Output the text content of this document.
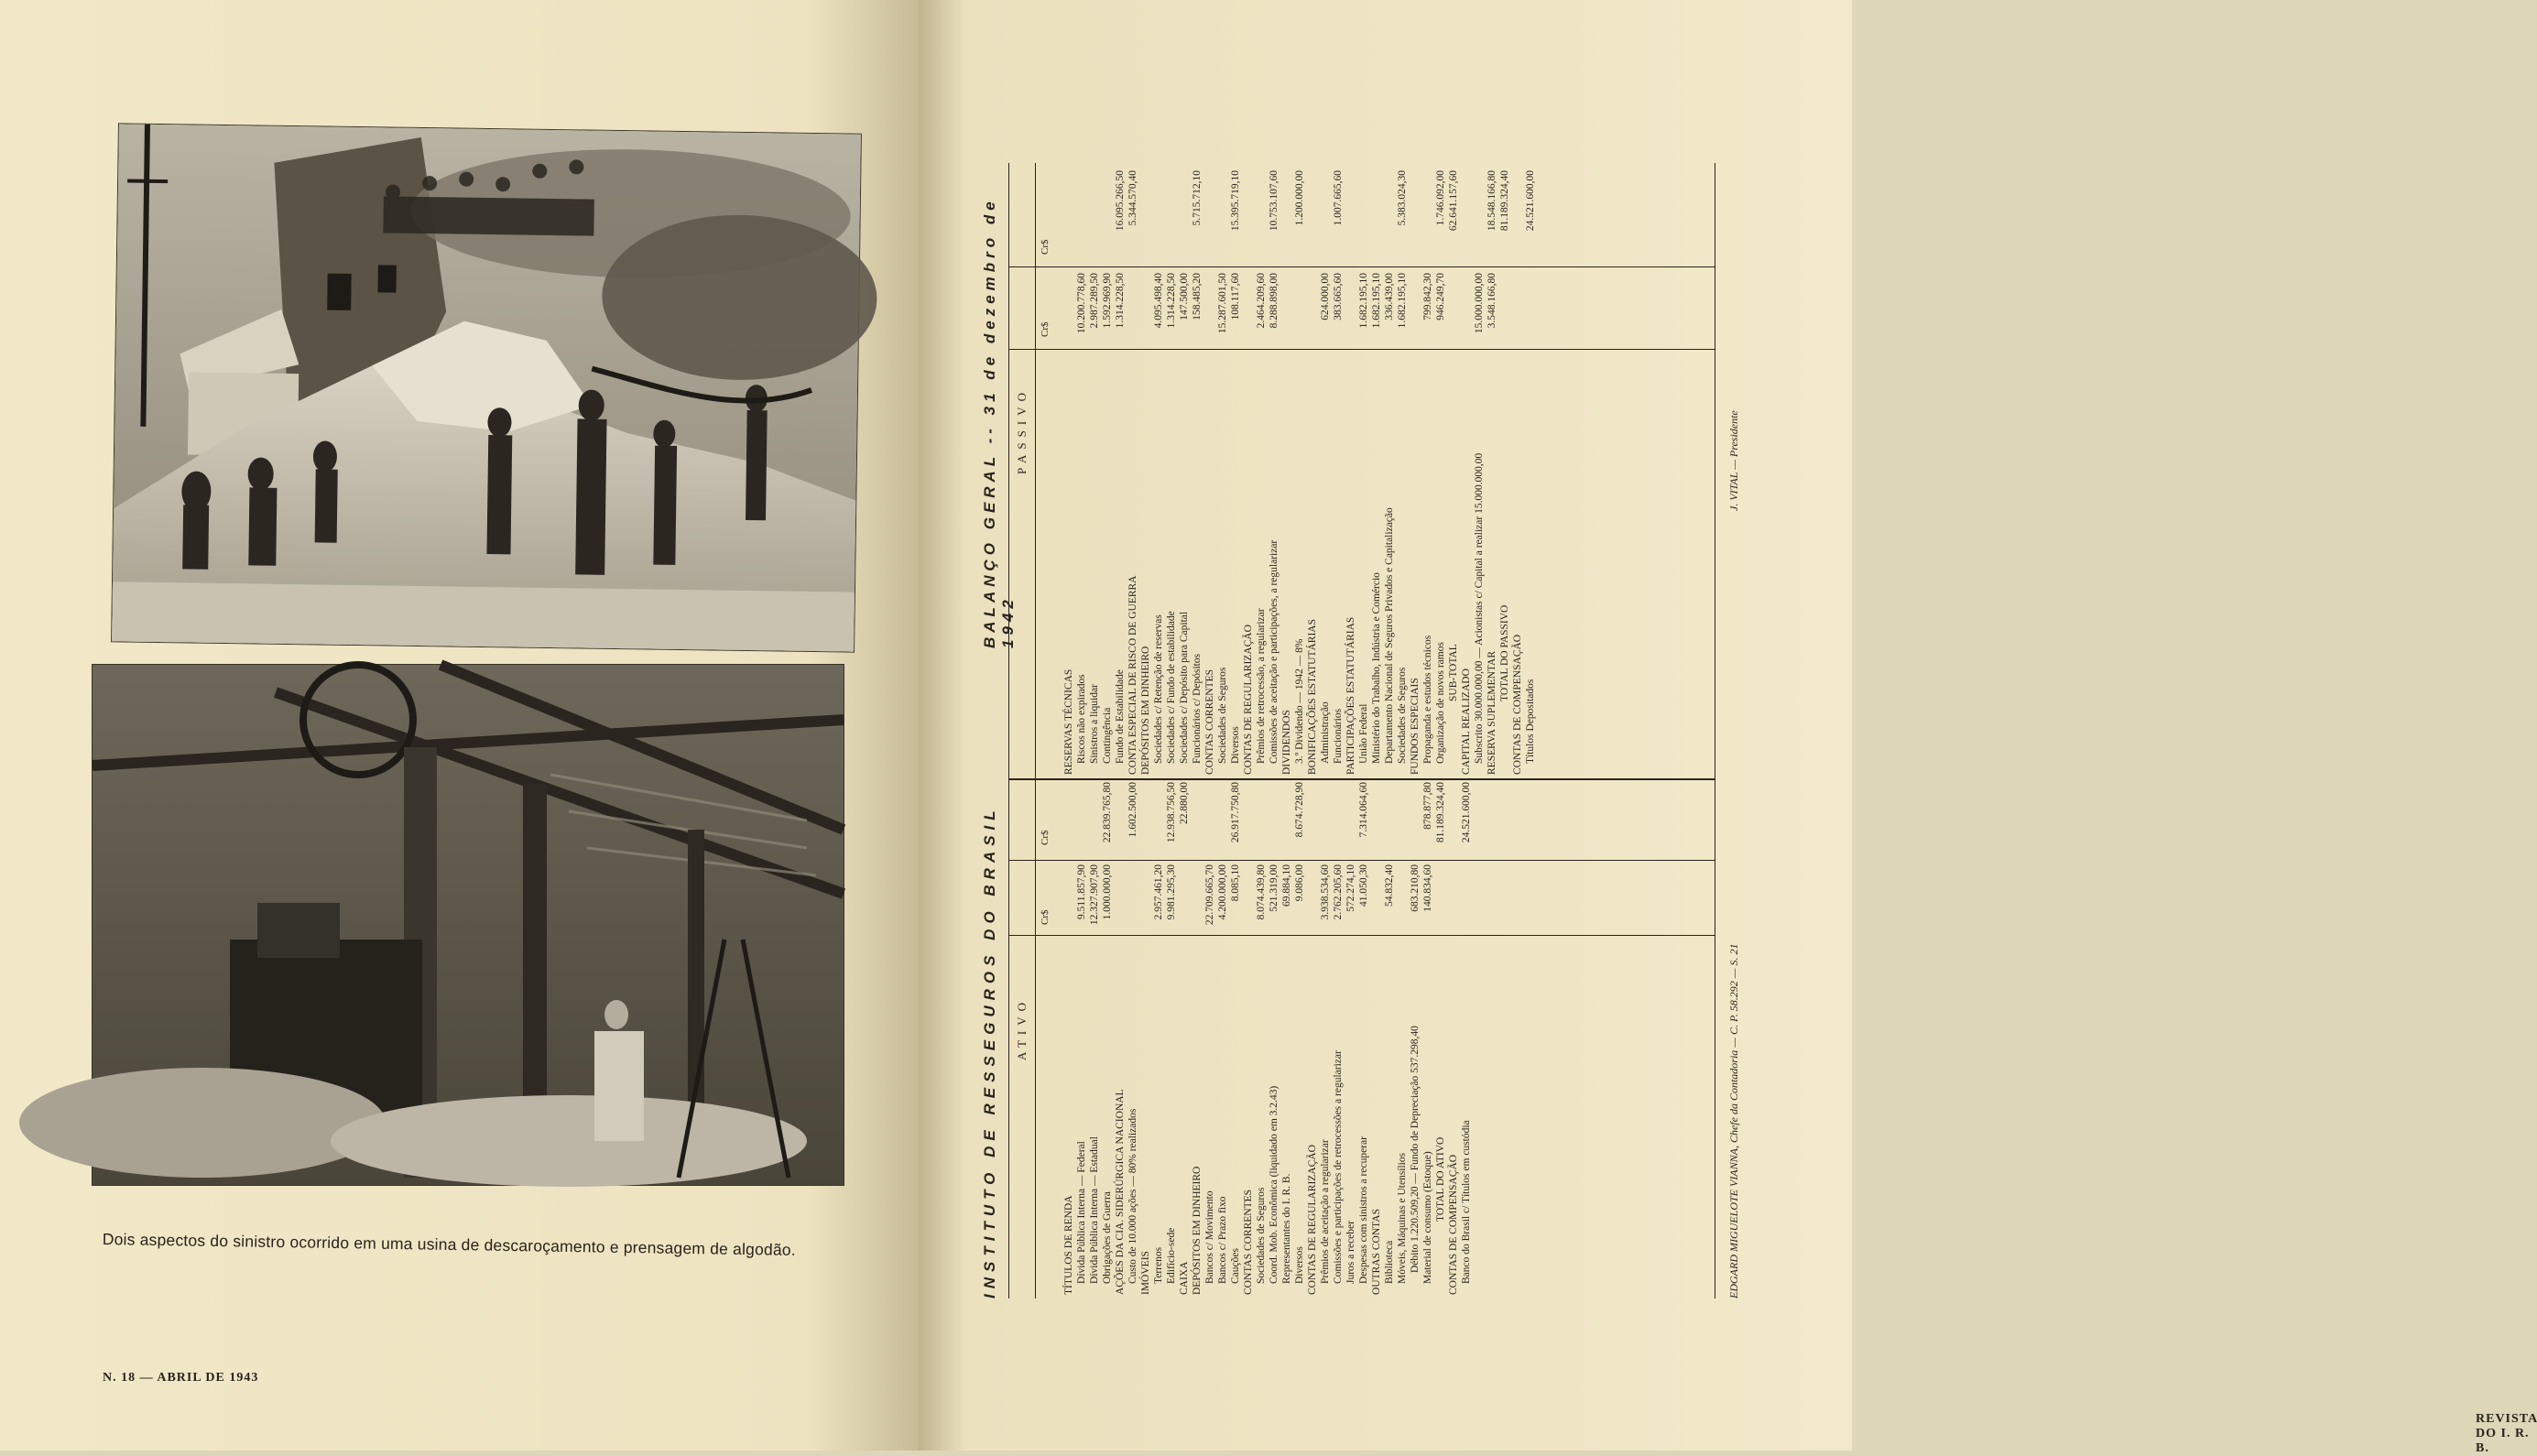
Dois aspectos do sinistro ocorrido em uma usina de descaroçamento e prensagem de algodão.
N. 18 — ABRIL DE 1943
REVISTA DO I. R. B.
INSTITUTO DE RESSEGUROS DO BRASIL
BALANÇO GERAL -- 31 de dezembro de 1942
ATIVO
PASSIVO
Cr$
Cr$
Cr$
Cr$
TÍTULOS DE RENDA Dívida Pública Interna — Federal
9.511.857,90
Dívida Pública Interna — Estadual
12.327.907,90
Obrigações de Guerra
1.000.000,00
22.839.765,80
AÇÕES DA CIA. SIDERÚRGICA NACIONAL Custo de 10.000 ações — 80% realizados
1.602.500,00
IMÓVEIS Terrenos
2.957.461,20
Edifício-sede
9.981.295,30
12.938.756,50
CAIXA
22.880,00
DEPÓSITOS EM DINHEIRO Bancos c/ Movimento
22.709.665,70
Bancos c/ Prazo fixo
4.200.000,00
Cauções
8.085,10
26.917.750,80
CONTAS CORRENTES Sociedades de Seguros
8.074.439,80
Coord. Mob. Econômica (liquidado em 3.2.43)
521.319,00
Representantes do I. R. B.
69.884,10
Diversos
9.086,00
8.674.728,90
CONTAS DE REGULARIZAÇÃO Prêmios de aceitação a regularizar
3.938.534,60
Comissões e participações de retrocessões a regularizar
2.762.205,60
Juros a receber
572.274,10
Despesas com sinistros a recuperar
41.050,30
7.314.064,60
OUTRAS CONTAS Biblioteca
54.832,40
Móveis, Máquinas e Utensílios Débito 1.220.509,20 — Fundo de Depreciação 537.298,40
683.210,80
Material de consumo (Estoque)
140.834,60
878.877,80
TOTAL DO ATIVO
81.189.324,40
CONTAS DE COMPENSAÇÃO Banco do Brasil c/ Títulos em custódia
24.521.600,00
RESERVAS TÉCNICAS Riscos não expirados
10.200.778,60
Sinistros a liquidar
2.987.289,50
Contingência
1.592.969,90
Fundo de Estabilidade
1.314.228,50
16.095.266,50
CONTA ESPECIAL DE RISCO DE GUERRA
5.344.570,40
DEPÓSITOS EM DINHEIRO Sociedades c/ Retenção de reservas
4.095.498,40
Sociedades c/ Fundo de estabilidade
1.314.228,50
Sociedades c/ Depósito para Capital
147.500,00
Funcionários c/ Depósitos
158.485,20
5.715.712,10
CONTAS CORRENTES Sociedades de Seguros
15.287.601,50
Diversos
108.117,60
15.395.719,10
CONTAS DE REGULARIZAÇÃO Prêmios de retrocessão, a regularizar
2.464.209,60
Comissões de aceitação e participações, a regularizar
8.288.898,00
10.753.107,60
DIVIDENDOS 3.º Dividendo — 1942 — 8%
1.200.000,00
BONIFICAÇÕES ESTATUTÁRIAS Administração
624.000,00
Funcionários
383.665,60
1.007.665,60
PARTICIPAÇÕES ESTATUTÁRIAS União Federal
1.682.195,10
Ministério do Trabalho, Indústria e Comércio
1.682.195,10
Departamento Nacional de Seguros Privados e Capitalização
336.439,00
Sociedades de Seguros
1.682.195,10
5.383.024,30
FUNDOS ESPECIAIS Propaganda e estudos técnicos
799.842,30
Organização de novos ramos
946.249,70
1.746.092,00
SUB-TOTAL
62.641.157,60
CAPITAL REALIZADO Subscrito 30.000.000,00 — Acionistas c/ Capital a realizar 15.000.000,00
15.000.000,00
RESERVA SUPLEMENTAR
3.548.166,80
18.548.166,80
TOTAL DO PASSIVO
81.189.324,40
CONTAS DE COMPENSAÇÃO Títulos Depositados
24.521.600,00
EDGARD MIGUELOTE VIANNA, Chefe da Contadoria — C. P. 58.292 — S. 21
J. VITAL — Presidente
